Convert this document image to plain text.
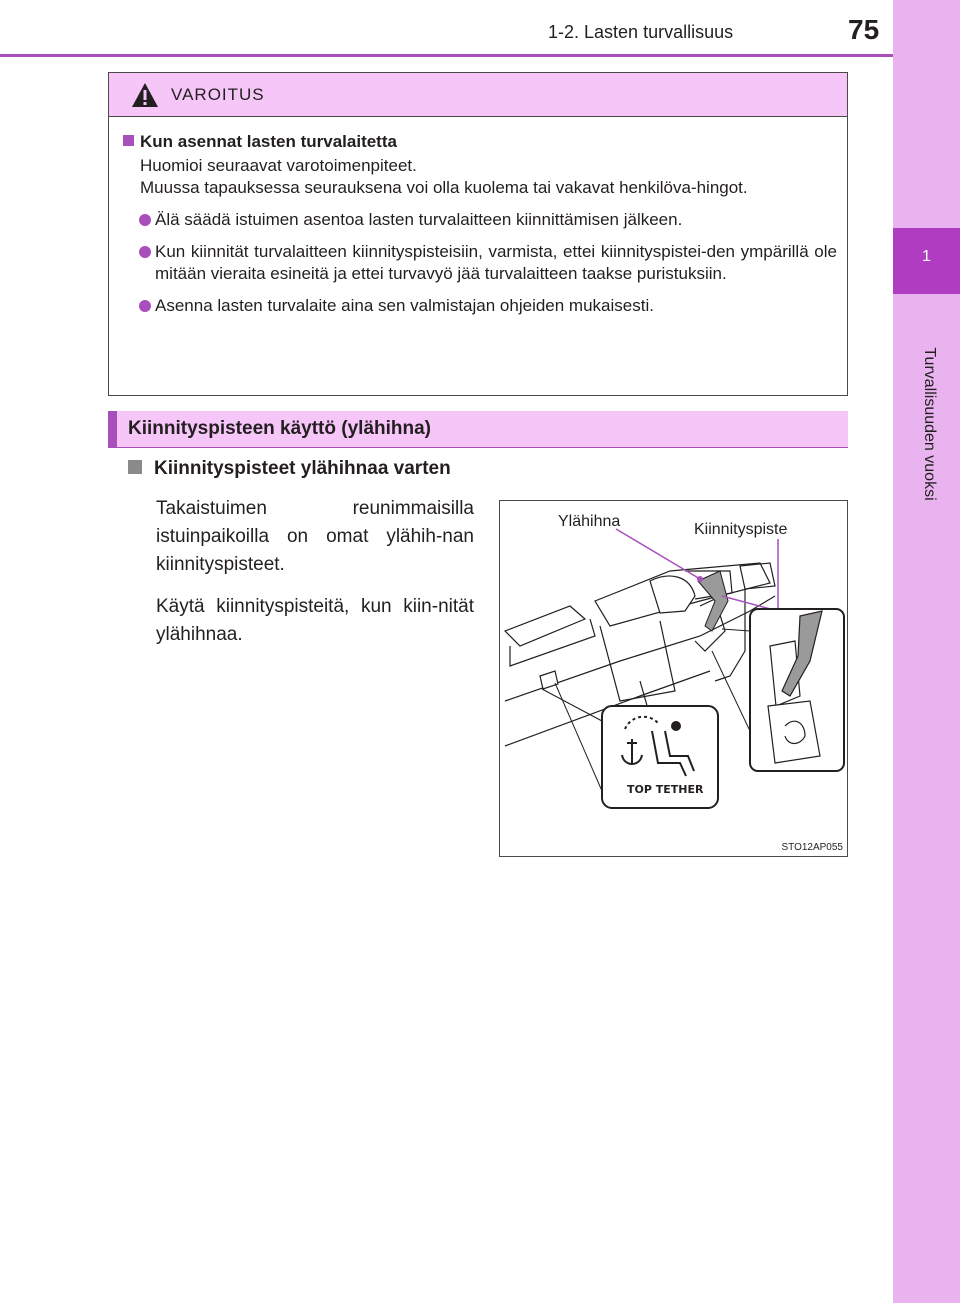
1-2. Lasten turvallisuus	75
1
Turvallisuuden vuoksi
VAROITUS
Kun asennat lasten turvalaitetta
Huomioi seuraavat varotoimenpiteet.
Muussa tapauksessa seurauksena voi olla kuolema tai vakavat henkilöva-hingot.
Älä säädä istuimen asentoa lasten turvalaitteen kiinnittämisen jälkeen.
Kun kiinnität turvalaitteen kiinnityspisteisiin, varmista, ettei kiinnityspistei-den ympärillä ole mitään vieraita esineitä ja ettei turvavyö jää turvalaitteen taakse puristuksiin.
Asenna lasten turvalaite aina sen valmistajan ohjeiden mukaisesti.
Kiinnityspisteen käyttö (ylähihna)
Kiinnityspisteet ylähihnaa varten
Takaistuimen reunimmaisilla istuinpaikoilla on omat ylähih-nan kiinnityspisteet.
Käytä kiinnityspisteitä, kun kiin-nität ylähihnaa.
TOP TETHER
Ylähihna	Kiinnityspiste
STO12AP055
